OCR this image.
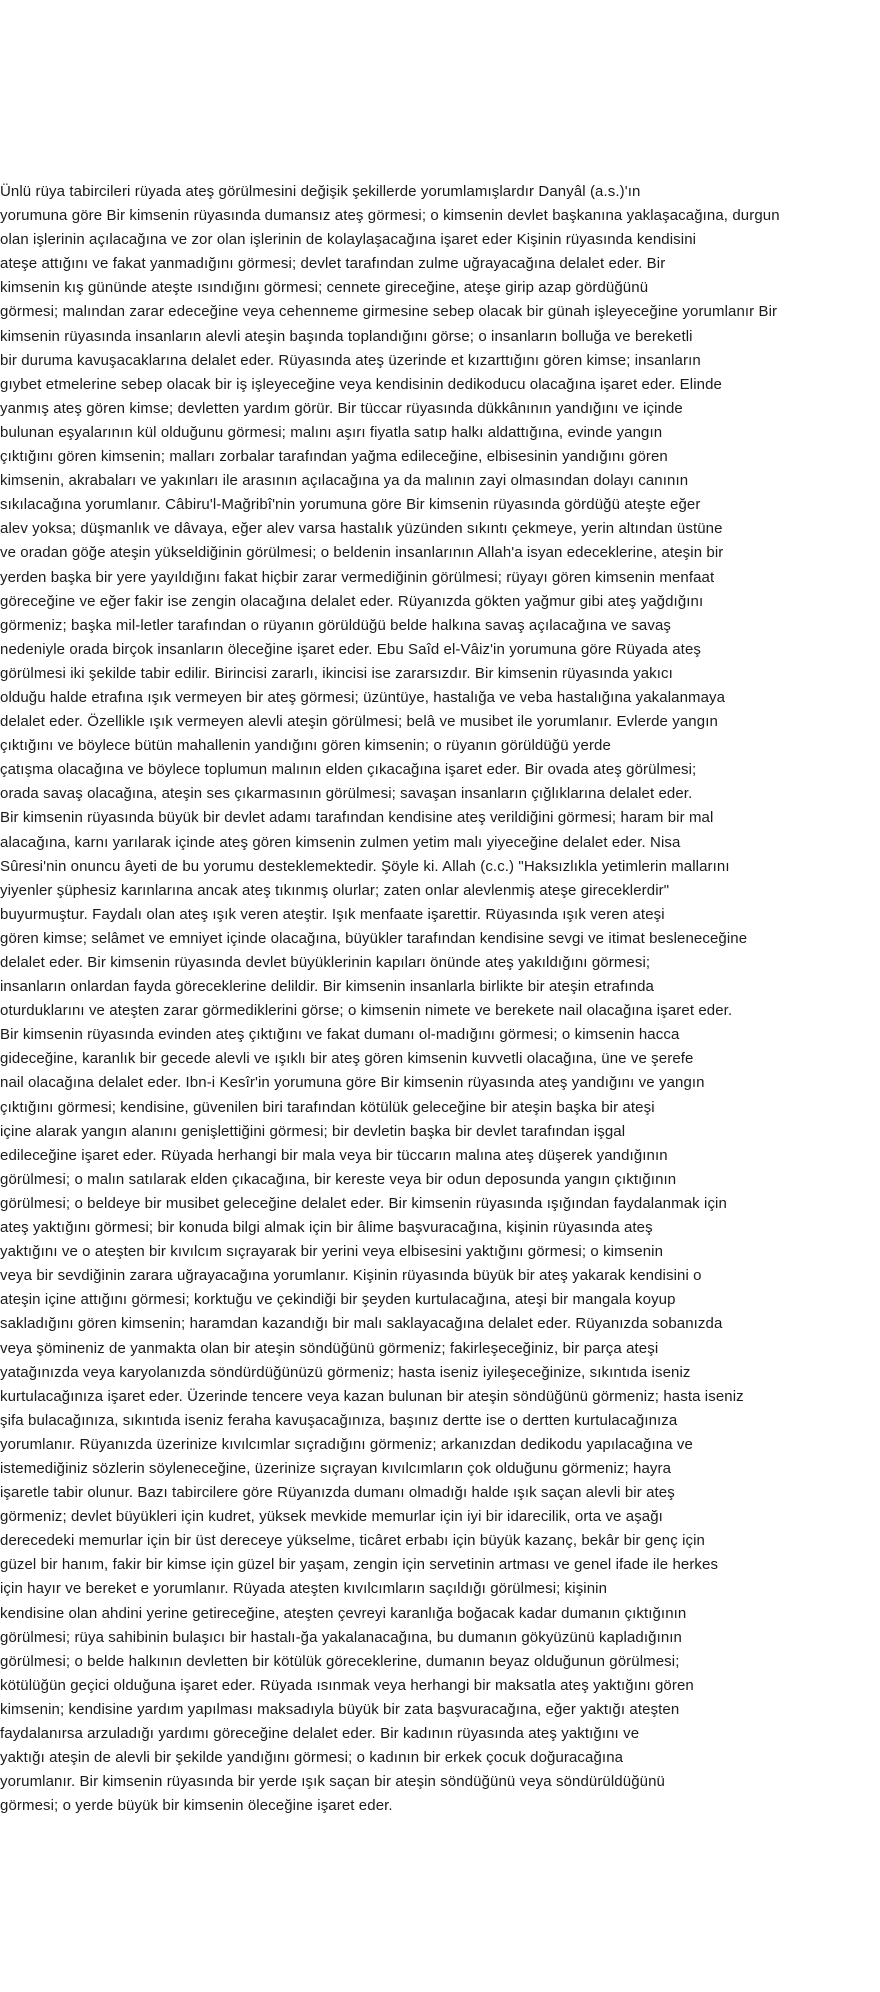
Ünlü rüya tabircileri rüyada ateş görülmesini değişik şekillerde yorumlamışlardır Danyâl (a.s.)'ın
yorumuna göre Bir kimsenin rüyasında dumansız ateş görmesi; o kimsenin devlet başkanına yaklaşacağına, durgun
olan işlerinin açılacağına ve zor olan işlerinin de kolaylaşacağına işaret eder Kişinin rüyasında kendisini
ateşe attığını ve fakat yanmadığını görmesi; devlet tarafından zulme uğrayacağına delalet eder. Bir
kimsenin kış gününde ateşte ısındığını görmesi; cennete gireceğine, ateşe girip azap gördüğünü
görmesi; malından zarar edeceğine veya cehenneme girmesine sebep olacak bir günah işleyeceğine yorumlanır Bir
kimsenin rüyasında insanların alevli ateşin başında toplandığını görse; o insanların bolluğa ve bereketli
bir duruma kavuşacaklarına delalet eder. Rüyasında ateş üzerinde et kızarttığını gören kimse; insanların
gıybet etmelerine sebep olacak bir iş işleyeceğine veya kendisinin dedikoducu olacağına işaret eder. Elinde
yanmış ateş gören kimse; devletten yardım görür. Bir tüccar rüyasında dükkânının yandığını ve içinde
bulunan eşyalarının kül olduğunu görmesi; malını aşırı fiyatla satıp halkı aldattığına, evinde yangın
çıktığını gören kimsenin; malları zorbalar tarafından yağma edileceğine, elbisesinin yandığını gören
kimsenin, akrabaları ve yakınları ile arasının açılacağına ya da malının zayi olmasından dolayı canının
sıkılacağına yorumlanır. Câbiru'l-Mağribî'nin yorumuna göre Bir kimsenin rüyasında gördüğü ateşte eğer
alev yoksa; düşmanlık ve dâvaya, eğer alev varsa hastalık yüzünden sıkıntı çekmeye, yerin altından üstüne
ve oradan göğe ateşin yükseldiğinin görülmesi; o beldenin insanlarının Allah'a isyan edeceklerine, ateşin bir
yerden başka bir yere yayıldığını fakat hiçbir zarar vermediğinin görülmesi; rüyayı gören kimsenin menfaat
göreceğine ve eğer fakir ise zengin olacağına delalet eder. Rüyanızda gökten yağmur gibi ateş yağdığını
görmeniz; başka mil-letler tarafından o rüyanın görüldüğü belde halkına savaş açılacağına ve savaş
nedeniyle orada birçok insanların öleceğine işaret eder. Ebu Saîd el-Vâiz'in yorumuna göre Rüyada ateş
görülmesi iki şekilde tabir edilir. Birincisi zararlı, ikincisi ise zararsızdır. Bir kimsenin rüyasında yakıcı
olduğu halde etrafına ışık vermeyen bir ateş görmesi; üzüntüye, hastalığa ve veba hastalığına yakalanmaya
delalet eder. Özellikle ışık vermeyen alevli ateşin görülmesi; belâ ve musibet ile yorumlanır. Evlerde yangın
çıktığını ve böylece bütün mahallenin yandığını gören kimsenin; o rüyanın görüldüğü yerde
çatışma olacağına ve böylece toplumun malının elden çıkacağına işaret eder. Bir ovada ateş görülmesi;
orada savaş olacağına, ateşin ses çıkarmasının görülmesi; savaşan insanların çığlıklarına delalet eder.
Bir kimsenin rüyasında büyük bir devlet adamı tarafından kendisine ateş verildiğini görmesi; haram bir mal
alacağına, karnı yarılarak içinde ateş gören kimsenin zulmen yetim malı yiyeceğine delalet eder. Nisa
Sûresi'nin onuncu âyeti de bu yorumu desteklemektedir. Şöyle ki. Allah (c.c.) "Haksızlıkla yetimlerin mallarını
yiyenler şüphesiz karınlarına ancak ateş tıkınmış olurlar; zaten onlar alevlenmiş ateşe gireceklerdir"
buyurmuştur. Faydalı olan ateş ışık veren ateştir. Işık menfaate işarettir. Rüyasında ışık veren ateşi
gören kimse; selâmet ve emniyet içinde olacağına, büyükler tarafından kendisine sevgi ve itimat besleneceğine
delalet eder. Bir kimsenin rüyasında devlet büyüklerinin kapıları önünde ateş yakıldığını görmesi;
insanların onlardan fayda göreceklerine delildir. Bir kimsenin insanlarla birlikte bir ateşin etrafında
oturduklarını ve ateşten zarar görmediklerini görse; o kimsenin nimete ve berekete nail olacağına işaret eder.
Bir kimsenin rüyasında evinden ateş çıktığını ve fakat dumanı ol-madığını görmesi; o kimsenin hacca
gideceğine, karanlık bir gecede alevli ve ışıklı bir ateş gören kimsenin kuvvetli olacağına, üne ve şerefe
nail olacağına delalet eder. Ibn-i Kesîr'in yorumuna göre Bir kimsenin rüyasında ateş yandığını ve yangın
çıktığını görmesi; kendisine, güvenilen biri tarafından kötülük geleceğine bir ateşin başka bir ateşi
içine alarak yangın alanını genişlettiğini görmesi; bir devletin başka bir devlet tarafından işgal
edileceğine işaret eder. Rüyada herhangi bir mala veya bir tüccarın malına ateş düşerek yandığının
görülmesi; o malın satılarak elden çıkacağına, bir kereste veya bir odun deposunda yangın çıktığının
görülmesi; o beldeye bir musibet geleceğine delalet eder. Bir kimsenin rüyasında ışığından faydalanmak için
ateş yaktığını görmesi; bir konuda bilgi almak için bir âlime başvuracağına, kişinin rüyasında ateş
yaktığını ve o ateşten bir kıvılcım sıçrayarak bir yerini veya elbisesini yaktığını görmesi; o kimsenin
veya bir sevdiğinin zarara uğrayacağına yorumlanır. Kişinin rüyasında büyük bir ateş yakarak kendisini o
ateşin içine attığını görmesi; korktuğu ve çekindiği bir şeyden kurtulacağına, ateşi bir mangala koyup
sakladığını gören kimsenin; haramdan kazandığı bir malı saklayacağına delalet eder. Rüyanızda sobanızda
veya şömineniz de yanmakta olan bir ateşin söndüğünü görmeniz; fakirleşeceğiniz, bir parça ateşi
yatağınızda veya karyolanızda söndürdüğünüzü görmeniz; hasta iseniz iyileşeceğinize, sıkıntıda iseniz
kurtulacağınıza işaret eder. Üzerinde tencere veya kazan bulunan bir ateşin söndüğünü görmeniz; hasta iseniz
şifa bulacağınıza, sıkıntıda iseniz feraha kavuşacağınıza, başınız dertte ise o dertten kurtulacağınıza
yorumlanır. Rüyanızda üzerinize kıvılcımlar sıçradığını görmeniz; arkanızdan dedikodu yapılacağına ve
istemediğiniz sözlerin söyleneceğine, üzerinize sıçrayan kıvılcımların çok olduğunu görmeniz; hayra
işaretle tabir olunur. Bazı tabircilere göre Rüyanızda dumanı olmadığı halde ışık saçan alevli bir ateş
görmeniz; devlet büyükleri için kudret, yüksek mevkide memurlar için iyi bir idarecilik, orta ve aşağı
derecedeki memurlar için bir üst dereceye yükselme, ticâret erbabı için büyük kazanç, bekâr bir genç için
güzel bir hanım, fakir bir kimse için güzel bir yaşam, zengin için servetinin artması ve genel ifade ile herkes
için hayır ve bereket e yorumlanır. Rüyada ateşten kıvılcımların saçıldığı görülmesi; kişinin
kendisine olan ahdini yerine getireceğine, ateşten çevreyi karanlığa boğacak kadar dumanın çıktığının
görülmesi; rüya sahibinin bulaşıcı bir hastalı-ğa yakalanacağına, bu dumanın gökyüzünü kapladığının
görülmesi; o belde halkının devletten bir kötülük göreceklerine, dumanın beyaz olduğunun görülmesi;
kötülüğün geçici olduğuna işaret eder. Rüyada ısınmak veya herhangi bir maksatla ateş yaktığını gören
kimsenin; kendisine yardım yapılması maksadıyla büyük bir zata başvuracağına, eğer yaktığı ateşten
faydalanırsa arzuladığı yardımı göreceğine delalet eder. Bir kadının rüyasında ateş yaktığını ve
yaktığı ateşin de alevli bir şekilde yandığını görmesi; o kadının bir erkek çocuk doğuracağına
yorumlanır. Bir kimsenin rüyasında bir yerde ışık saçan bir ateşin söndüğünü veya söndürüldüğünü
görmesi; o yerde büyük bir kimsenin öleceğine işaret eder.
